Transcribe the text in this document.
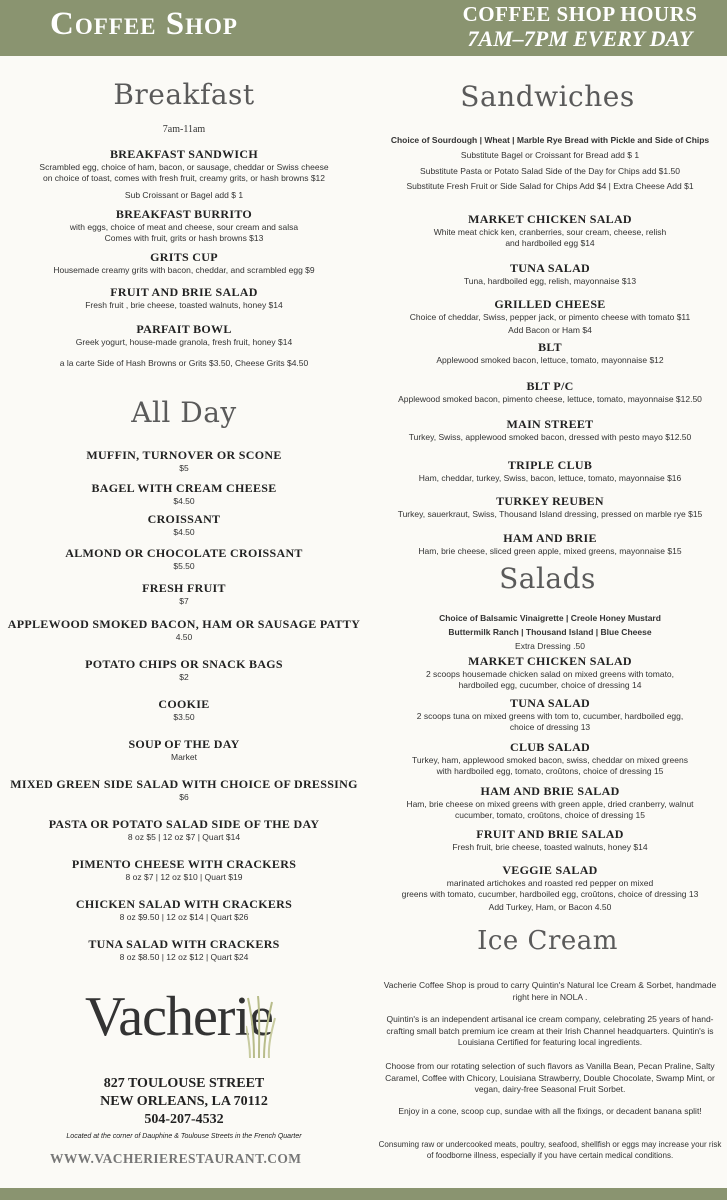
Coffee Shop	COFFEE SHOP HOURS
7AM–7PM EVERY DAY
Breakfast
7am-11am
BREAKFAST SANDWICH
Scrambled egg, choice of ham, bacon, or sausage, cheddar or Swiss cheese
on choice of toast, comes with fresh fruit, creamy grits, or hash browns $12
Sub Croissant or Bagel add $ 1
BREAKFAST BURRITO
with eggs, choice of meat and cheese, sour cream and salsa
Comes with fruit, grits or hash browns $13
GRITS CUP
Housemade creamy grits with bacon, cheddar, and scrambled egg $9
FRUIT AND BRIE SALAD
Fresh fruit , brie cheese, toasted walnuts, honey $14
PARFAIT BOWL
Greek yogurt, house-made granola, fresh fruit, honey $14
a la carte Side of Hash Browns or Grits $3.50, Cheese Grits $4.50
All Day
MUFFIN, TURNOVER OR SCONE
$5
BAGEL WITH CREAM CHEESE
$4.50
CROISSANT
$4.50
ALMOND OR CHOCOLATE CROISSANT
$5.50
FRESH FRUIT
$7
APPLEWOOD SMOKED BACON, HAM OR SAUSAGE PATTY
4.50
POTATO CHIPS OR SNACK BAGS
$2
COOKIE
$3.50
SOUP OF THE DAY
Market
MIXED GREEN SIDE SALAD WITH CHOICE OF DRESSING
$6
PASTA OR POTATO SALAD SIDE OF THE DAY
8 oz $5 | 12 oz $7 | Quart $14
PIMENTO CHEESE WITH CRACKERS
8 oz $7 | 12 oz $10 | Quart $19
CHICKEN SALAD WITH CRACKERS
8 oz $9.50 | 12 oz $14 | Quart $26
TUNA SALAD WITH CRACKERS
8 oz $8.50 | 12 oz $12 | Quart $24
Vacherie
827 TOULOUSE STREET
NEW ORLEANS, LA 70112
504-207-4532
Located at the corner of Dauphine & Toulouse Streets in the French Quarter
WWW.VACHERIERESTAURANT.COM
Sandwiches
Choice of Sourdough | Wheat | Marble Rye Bread with Pickle and Side of Chips
Substitute Bagel or Croissant for Bread add $ 1
Substitute Pasta or Potato Salad Side of the Day for Chips add $1.50
Substitute Fresh Fruit or Side Salad for Chips Add $4 | Extra Cheese Add $1
MARKET CHICKEN SALAD
White meat chick ken, cranberries, sour cream, cheese, relish
and hardboiled egg $14
TUNA SALAD
Tuna, hardboiled egg, relish, mayonnaise $13
GRILLED CHEESE
Choice of cheddar, Swiss, pepper jack, or pimento cheese with tomato $11
Add Bacon or Ham $4
BLT
Applewood smoked bacon, lettuce, tomato, mayonnaise $12
BLT P/C
Applewood smoked bacon, pimento cheese, lettuce, tomato, mayonnaise $12.50
MAIN STREET
Turkey, Swiss, applewood smoked bacon, dressed with pesto mayo $12.50
TRIPLE CLUB
Ham, cheddar, turkey, Swiss, bacon, lettuce, tomato, mayonnaise $16
TURKEY REUBEN
Turkey, sauerkraut, Swiss, Thousand Island dressing, pressed on marble rye $15
HAM AND BRIE
Ham, brie cheese, sliced green apple, mixed greens, mayonnaise $15
Salads
Choice of Balsamic Vinaigrette | Creole Honey Mustard
Buttermilk Ranch | Thousand Island | Blue Cheese
Extra Dressing .50
MARKET CHICKEN SALAD
2 scoops housemade chicken salad on mixed greens with tomato,
hardboiled egg, cucumber, choice of dressing 14
TUNA SALAD
2 scoops tuna on mixed greens with tom to, cucumber, hardboiled egg,
choice of dressing 13
CLUB SALAD
Turkey, ham, applewood smoked bacon, swiss, cheddar on mixed greens
with hardboiled egg, tomato, croûtons, choice of dressing 15
HAM AND BRIE SALAD
Ham, brie cheese on mixed greens with green apple, dried cranberry, walnut
cucumber, tomato, croûtons, choice of dressing 15
FRUIT AND BRIE SALAD
Fresh fruit, brie cheese, toasted walnuts, honey $14
VEGGIE SALAD
marinated artichokes and roasted red pepper on mixed
greens with tomato, cucumber, hardboiled egg, croûtons, choice of dressing 13
Add Turkey, Ham, or Bacon 4.50
Ice Cream
Vacherie Coffee Shop is proud to carry Quintin's Natural Ice Cream & Sorbet, handmade right here in NOLA .
Quintin's is an independent artisanal ice cream company, celebrating 25 years of hand-crafting small batch premium ice cream at their Irish Channel headquarters. Quintin's is Louisiana Certified for featuring local ingredients.
Choose from our rotating selection of such flavors as Vanilla Bean, Pecan Praline, Salty Caramel, Coffee with Chicory, Louisiana Strawberry, Double Chocolate, Swamp Mint, or vegan, dairy-free Seasonal Fruit Sorbet.
Enjoy in a cone, scoop cup, sundae with all the fixings, or decadent banana split!
Consuming raw or undercooked meats, poultry, seafood, shellfish or eggs may increase your risk of foodborne illness, especially if you have certain medical conditions.
